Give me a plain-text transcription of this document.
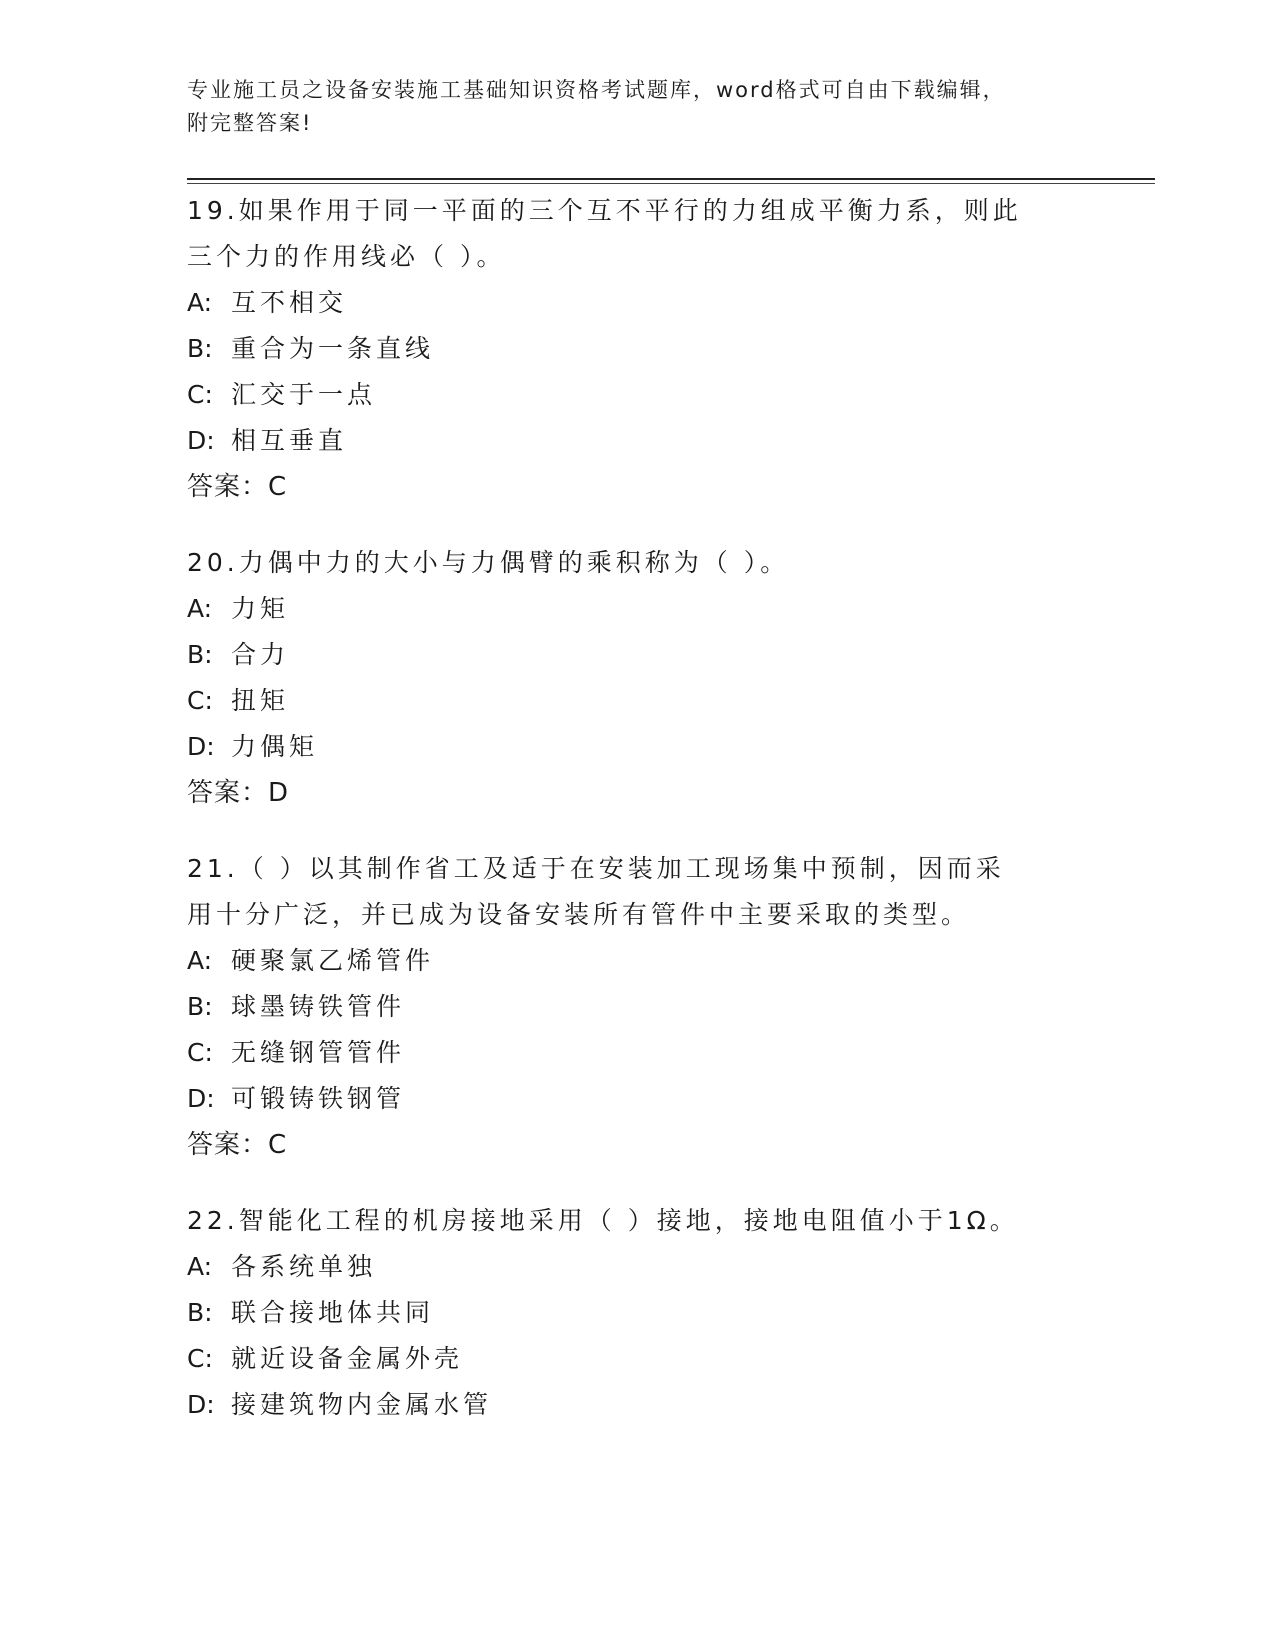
专业施工员之设备安装施工基础知识资格考试题库，word格式可自由下载编辑，
附完整答案!

19.如果作用于同一平面的三个互不平行的力组成平衡力系，则此三个力的作用线必（ ）。

A: 互不相交

B: 重合为一条直线

C: 汇交于一点

D: 相互垂直

答案：C

20.力偶中力的大小与力偶臂的乘积称为（ ）。

A: 力矩

B: 合力

C: 扭矩

D: 力偶矩

答案：D

21.（ ）以其制作省工及适于在安装加工现场集中预制，因而采用十分广泛，并已成为设备安装所有管件中主要采取的类型。

A: 硬聚氯乙烯管件

B: 球墨铸铁管件

C: 无缝钢管管件

D: 可锻铸铁钢管

答案：C

22.智能化工程的机房接地采用（ ）接地，接地电阻值小于1Ω。

A: 各系统单独

B: 联合接地体共同

C: 就近设备金属外壳

D: 接建筑物内金属水管
